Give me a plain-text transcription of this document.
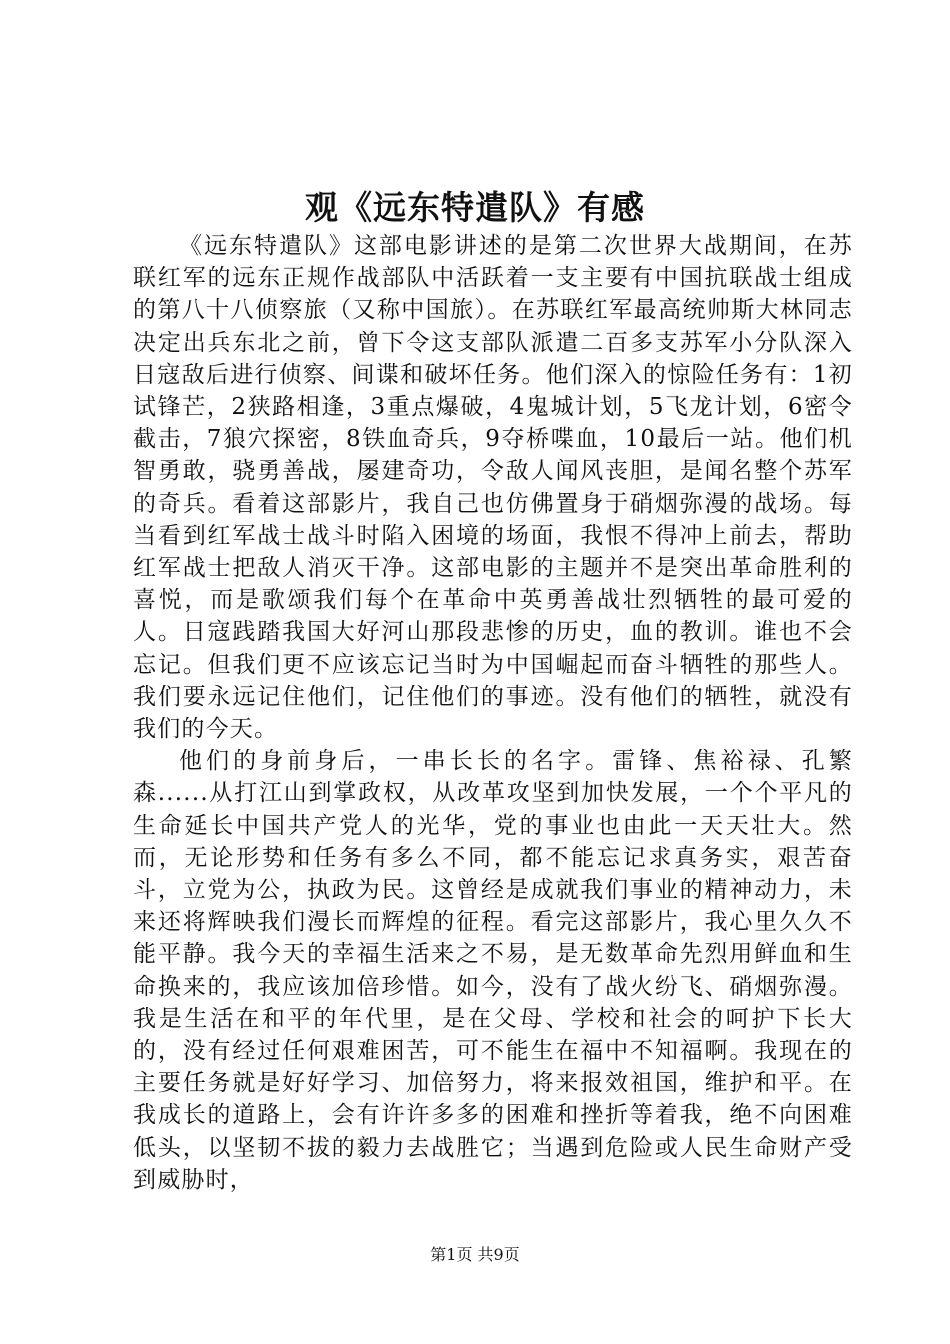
观《远东特遣队》有感

《远东特遣队》这部电影讲述的是第二次世界大战期间，在苏联红军的远东正规作战部队中活跃着一支主要有中国抗联战士组成的第八十八侦察旅（又称中国旅）。在苏联红军最高统帅斯大林同志决定出兵东北之前，曾下令这支部队派遣二百多支苏军小分队深入日寇敌后进行侦察、间谍和破坏任务。他们深入的惊险任务有：1初试锋芒，2狭路相逢，3重点爆破，4鬼城计划，5飞龙计划，6密令截击，7狼穴探密，8铁血奇兵，9夺桥喋血，10最后一站。他们机智勇敢，骁勇善战，屡建奇功，令敌人闻风丧胆，是闻名整个苏军的奇兵。看着这部影片，我自己也仿佛置身于硝烟弥漫的战场。每当看到红军战士战斗时陷入困境的场面，我恨不得冲上前去，帮助红军战士把敌人消灭干净。这部电影的主题并不是突出革命胜利的喜悦，而是歌颂我们每个在革命中英勇善战壮烈牺牲的最可爱的人。日寇践踏我国大好河山那段悲惨的历史，血的教训。谁也不会忘记。但我们更不应该忘记当时为中国崛起而奋斗牺牲的那些人。我们要永远记住他们，记住他们的事迹。没有他们的牺牲，就没有我们的今天。

他们的身前身后，一串长长的名字。雷锋、焦裕禄、孔繁森......从打江山到掌政权，从改革攻坚到加快发展，一个个平凡的生命延长中国共产党人的光华，党的事业也由此一天天壮大。然而，无论形势和任务有多么不同，都不能忘记求真务实，艰苦奋斗，立党为公，执政为民。这曾经是成就我们事业的精神动力，未来还将辉映我们漫长而辉煌的征程。看完这部影片，我心里久久不能平静。我今天的幸福生活来之不易，是无数革命先烈用鲜血和生命换来的，我应该加倍珍惜。如今，没有了战火纷飞、硝烟弥漫。我是生活在和平的年代里，是在父母、学校和社会的呵护下长大的，没有经过任何艰难困苦，可不能生在福中不知福啊。我现在的主要任务就是好好学习、加倍努力，将来报效祖国，维护和平。在我成长的道路上，会有许许多多的困难和挫折等着我，绝不向困难低头，以坚韧不拔的毅力去战胜它；当遇到危险或人民生命财产受到威胁时，

第1页 共9页
